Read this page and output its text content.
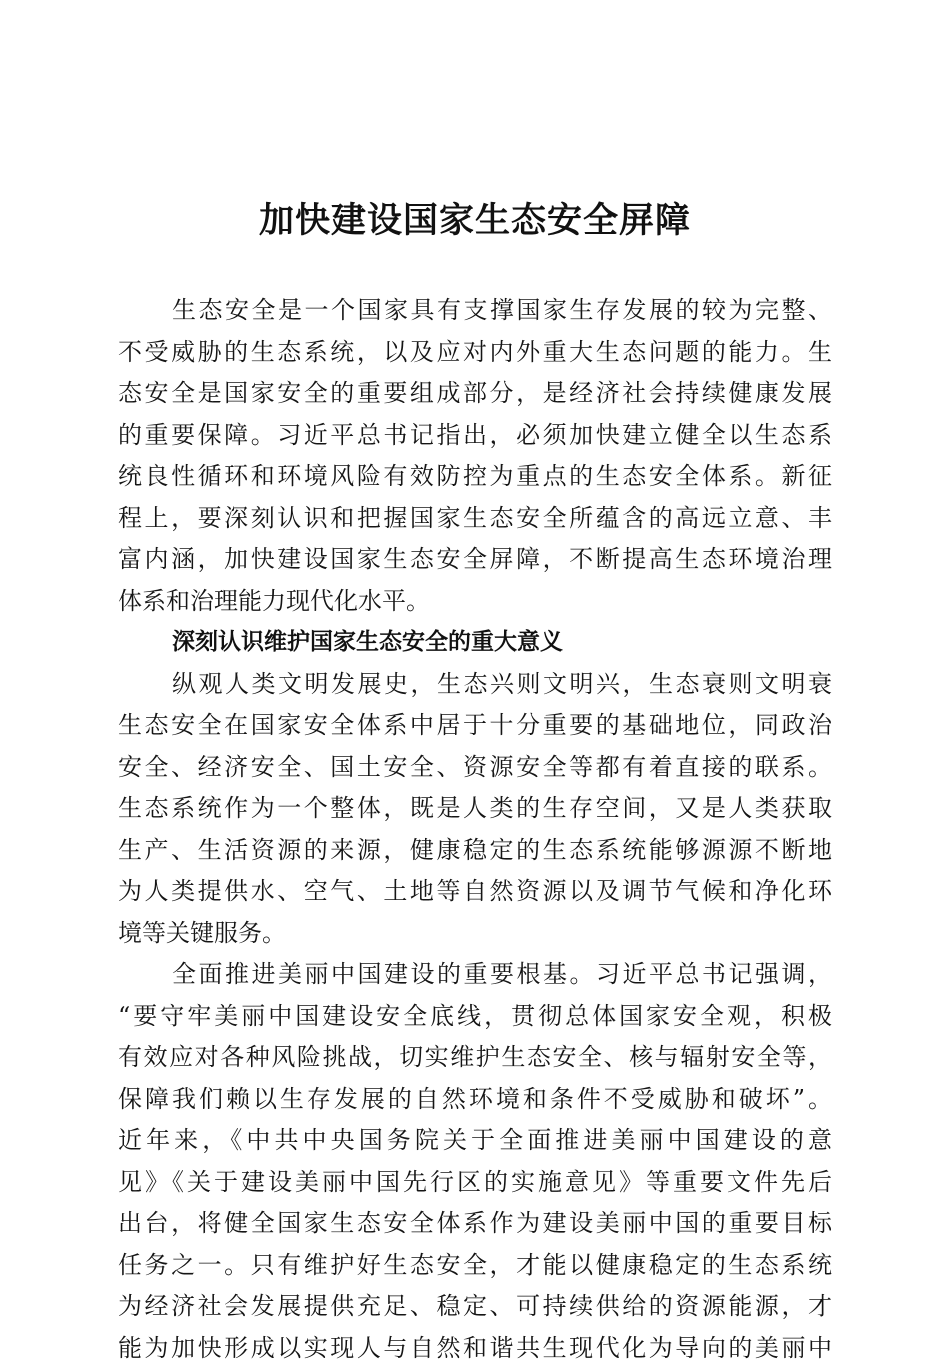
加快建设国家生态安全屏障
生态安全是一个国家具有支撑国家生存发展的较为完整、
不受威胁的生态系统，以及应对内外重大生态问题的能力。生
态安全是国家安全的重要组成部分，是经济社会持续健康发展
的重要保障。习近平总书记指出，必须加快建立健全以生态系
统良性循环和环境风险有效防控为重点的生态安全体系。新征
程上，要深刻认识和把握国家生态安全所蕴含的高远立意、丰
富内涵，加快建设国家生态安全屏障，不断提高生态环境治理
体系和治理能力现代化水平。
深刻认识维护国家生态安全的重大意义
纵观人类文明发展史，生态兴则文明兴，生态衰则文明衰
生态安全在国家安全体系中居于十分重要的基础地位，同政治
安全、经济安全、国土安全、资源安全等都有着直接的联系。
生态系统作为一个整体，既是人类的生存空间，又是人类获取
生产、生活资源的来源，健康稳定的生态系统能够源源不断地
为人类提供水、空气、土地等自然资源以及调节气候和净化环
境等关键服务。
全面推进美丽中国建设的重要根基。习近平总书记强调，
“要守牢美丽中国建设安全底线，贯彻总体国家安全观，积极
有效应对各种风险挑战，切实维护生态安全、核与辐射安全等，
保障我们赖以生存发展的自然环境和条件不受威胁和破坏”。
近年来，《中共中央国务院关于全面推进美丽中国建设的意
见》《关于建设美丽中国先行区的实施意见》等重要文件先后
出台，将健全国家生态安全体系作为建设美丽中国的重要目标
任务之一。只有维护好生态安全，才能以健康稳定的生态系统
为经济社会发展提供充足、稳定、可持续供给的资源能源，才
能为加快形成以实现人与自然和谐共生现代化为导向的美丽中
